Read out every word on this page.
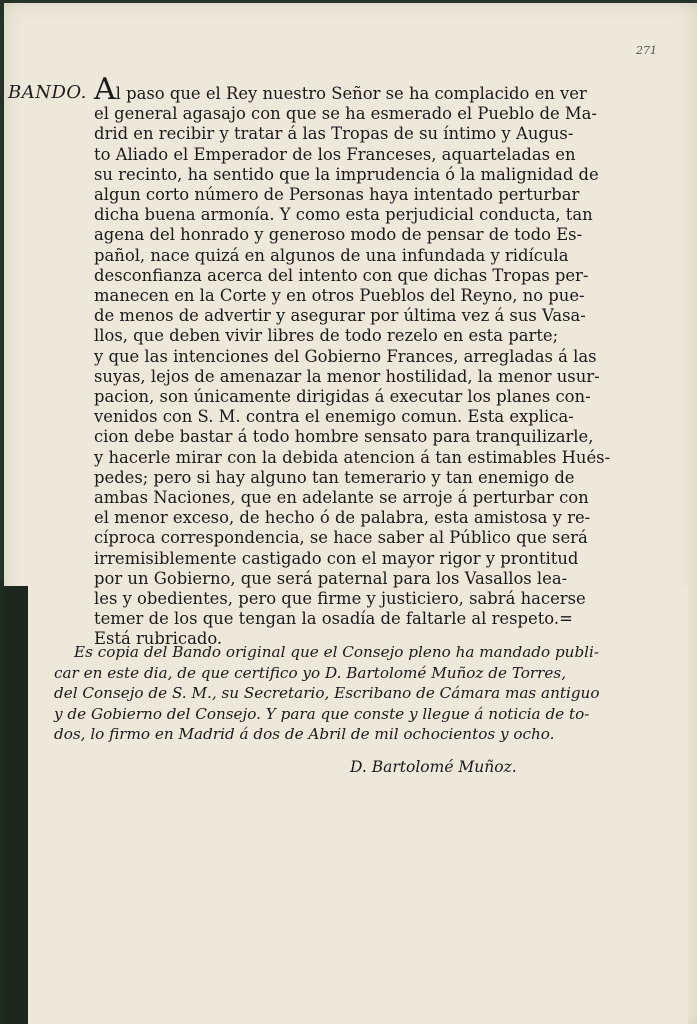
271
BANDO. Al paso que el Rey nuestro Señor se ha complacido en ver
el general agasajo con que se ha esmerado el Pueblo de Ma-
drid en recibir y tratar á las Tropas de su íntimo y Augus-
to Aliado el Emperador de los Franceses, aquarteladas en
su recinto, ha sentido que la imprudencia ó la malignidad de
algun corto número de Personas haya intentado perturbar
dicha buena armonía. Y como esta perjudicial conducta, tan
agena del honrado y generoso modo de pensar de todo Es-
pañol, nace quizá en algunos de una infundada y ridícula
desconfianza acerca del intento con que dichas Tropas per-
manecen en la Corte y en otros Pueblos del Reyno, no pue-
de menos de advertir y asegurar por última vez á sus Vasa-
llos, que deben vivir libres de todo rezelo en esta parte;
y que las intenciones del Gobierno Frances, arregladas á las
suyas, lejos de amenazar la menor hostilidad, la menor usur-
pacion, son únicamente dirigidas á executar los planes con-
venidos con S. M. contra el enemigo comun. Esta explica-
cion debe bastar á todo hombre sensato para tranquilizarle,
y hacerle mirar con la debida atencion á tan estimables Hués-
pedes; pero si hay alguno tan temerario y tan enemigo de
ambas Naciones, que en adelante se arroje á perturbar con
el menor exceso, de hecho ó de palabra, esta amistosa y re-
cíproca correspondencia, se hace saber al Público que será
irremisiblemente castigado con el mayor rigor y prontitud
por un Gobierno, que será paternal para los Vasallos lea-
les y obedientes, pero que firme y justiciero, sabrá hacerse
temer de los que tengan la osadía de faltarle al respeto.=
Está rubricado.
Es copia del Bando original que el Consejo pleno ha mandado publi-
car en este dia, de que certifico yo D. Bartolomé Muñoz de Torres,
del Consejo de S. M., su Secretario, Escribano de Cámara mas antiguo
y de Gobierno del Consejo. Y para que conste y llegue á noticia de to-
dos, lo firmo en Madrid á dos de Abril de mil ochocientos y ocho.
D. Bartolomé Muñoz.
